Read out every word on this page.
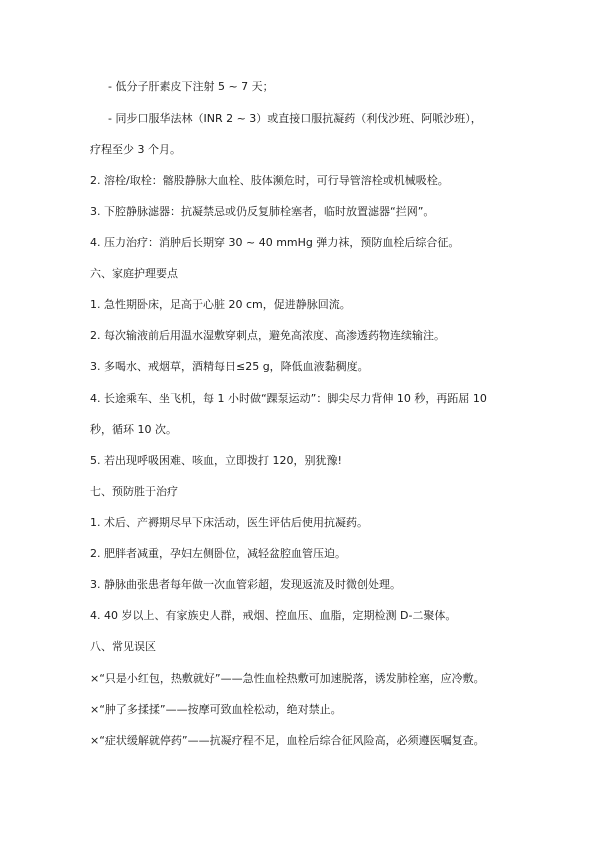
- 低分子肝素皮下注射 5 ~ 7 天；
- 同步口服华法林（INR 2 ~ 3）或直接口服抗凝药（利伐沙班、阿哌沙班），
疗程至少 3 个月。
2. 溶栓/取栓：髂股静脉大血栓、肢体濒危时，可行导管溶栓或机械吸栓。
3. 下腔静脉滤器：抗凝禁忌或仍反复肺栓塞者，临时放置滤器“拦网”。
4. 压力治疗：消肿后长期穿 30 ~ 40 mmHg 弹力袜，预防血栓后综合征。
六、家庭护理要点
1. 急性期卧床，足高于心脏 20 cm，促进静脉回流。
2. 每次输液前后用温水湿敷穿刺点，避免高浓度、高渗透药物连续输注。
3. 多喝水、戒烟草，酒精每日≤25 g，降低血液黏稠度。
4. 长途乘车、坐飞机，每 1 小时做“踝泵运动”：脚尖尽力背伸 10 秒，再跖屈 10
秒，循环 10 次。
5. 若出现呼吸困难、咳血，立即拨打 120，别犹豫!
七、预防胜于治疗
1. 术后、产褥期尽早下床活动，医生评估后使用抗凝药。
2. 肥胖者减重，孕妇左侧卧位，减轻盆腔血管压迫。
3. 静脉曲张患者每年做一次血管彩超，发现返流及时微创处理。
4. 40 岁以上、有家族史人群，戒烟、控血压、血脂，定期检测 D-二聚体。
八、常见误区
×“只是小红包，热敷就好”——急性血栓热敷可加速脱落，诱发肺栓塞，应冷敷。
×“肿了多揉揉”——按摩可致血栓松动，绝对禁止。
×“症状缓解就停药”——抗凝疗程不足，血栓后综合征风险高，必须遵医嘱复查。
